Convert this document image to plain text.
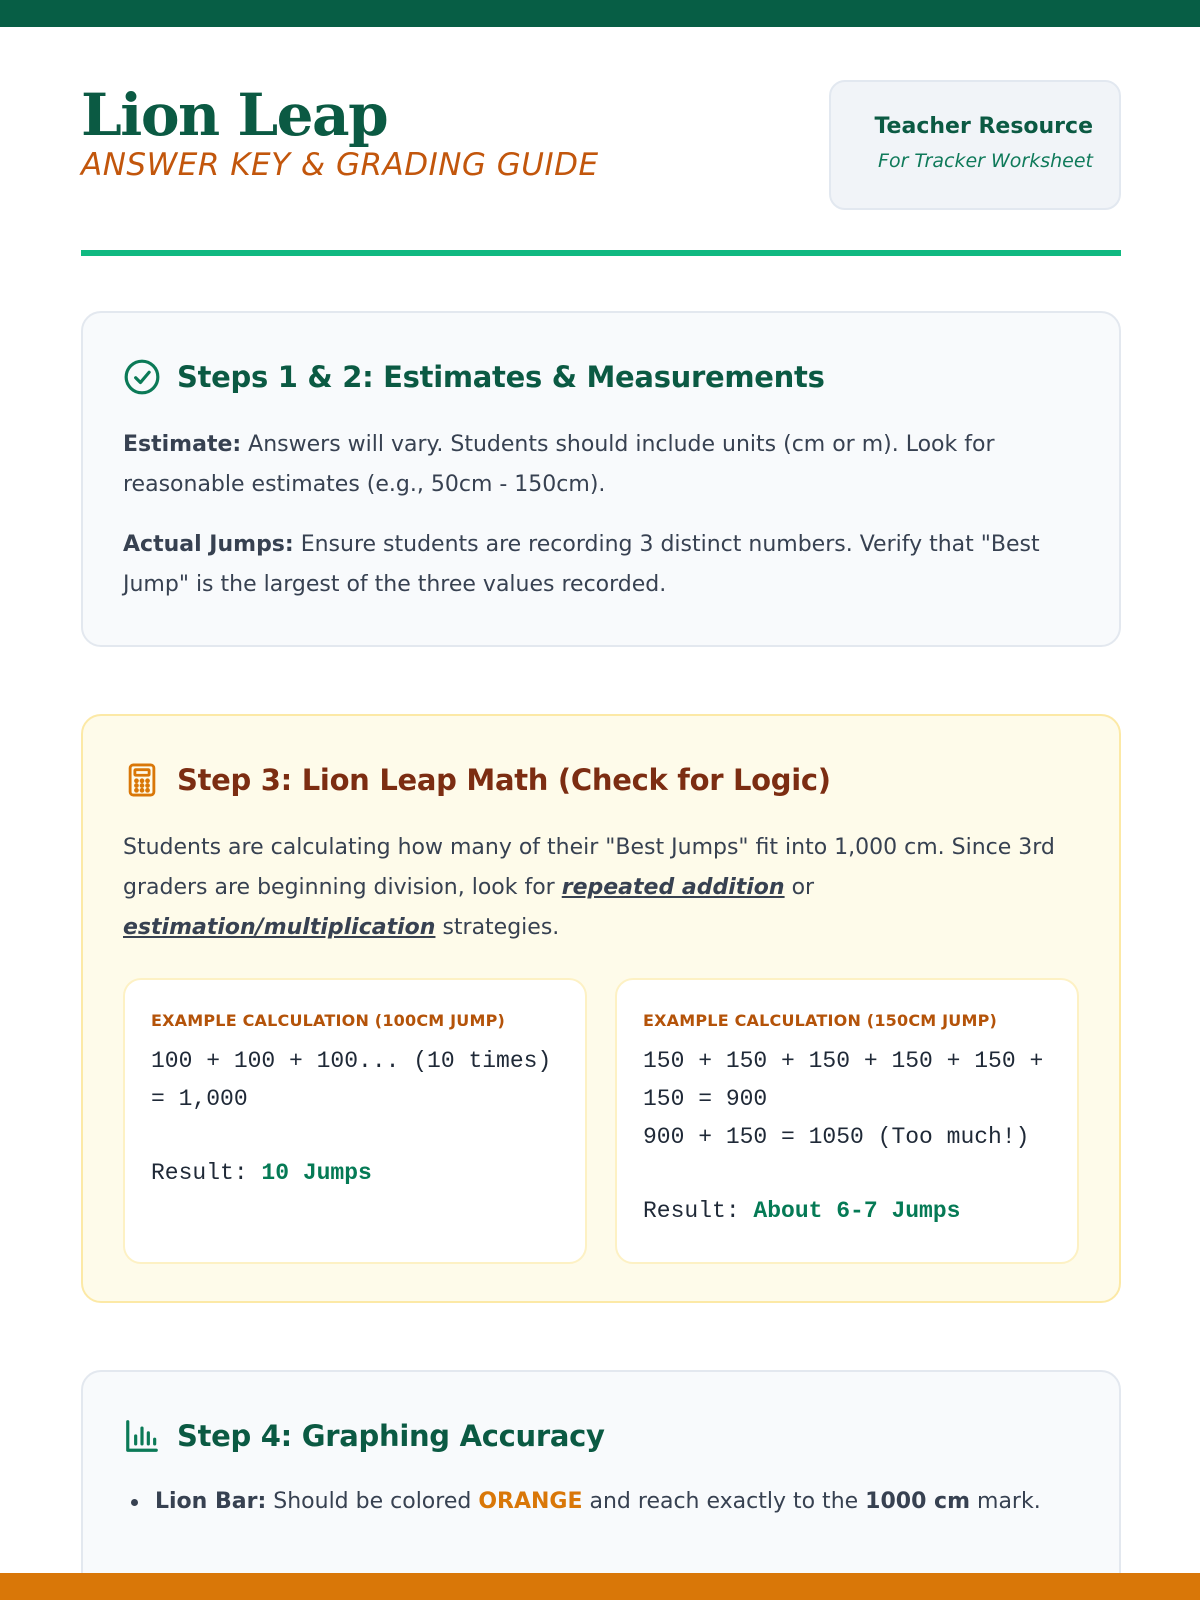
Lion Leap
ANSWER KEY & GRADING GUIDE
Teacher Resource
For Tracker Worksheet
Steps 1 & 2: Estimates & Measurements

Estimate: Answers will vary. Students should include units (cm or m). Look for reasonable estimates (e.g., 50cm - 150cm).

Actual Jumps: Ensure students are recording 3 distinct numbers. Verify that "Best Jump" is the largest of the three values recorded.

Step 3: Lion Leap Math (Check for Logic)

Students are calculating how many of their "Best Jumps" fit into 1,000 cm. Since 3rd graders are beginning division, look for repeated addition or estimation/multiplication strategies.

EXAMPLE CALCULATION (100CM JUMP)
100 + 100 + 100... (10 times)
= 1,000
Result: 10 Jumps
EXAMPLE CALCULATION (150CM JUMP)
150 + 150 + 150 + 150 + 150 +
150 = 900
900 + 150 = 1050 (Too much!)
Result: About 6-7 Jumps
Step 4: Graphing Accuracy
Lion Bar: Should be colored ORANGE and reach exactly to the 1000 cm mark.
